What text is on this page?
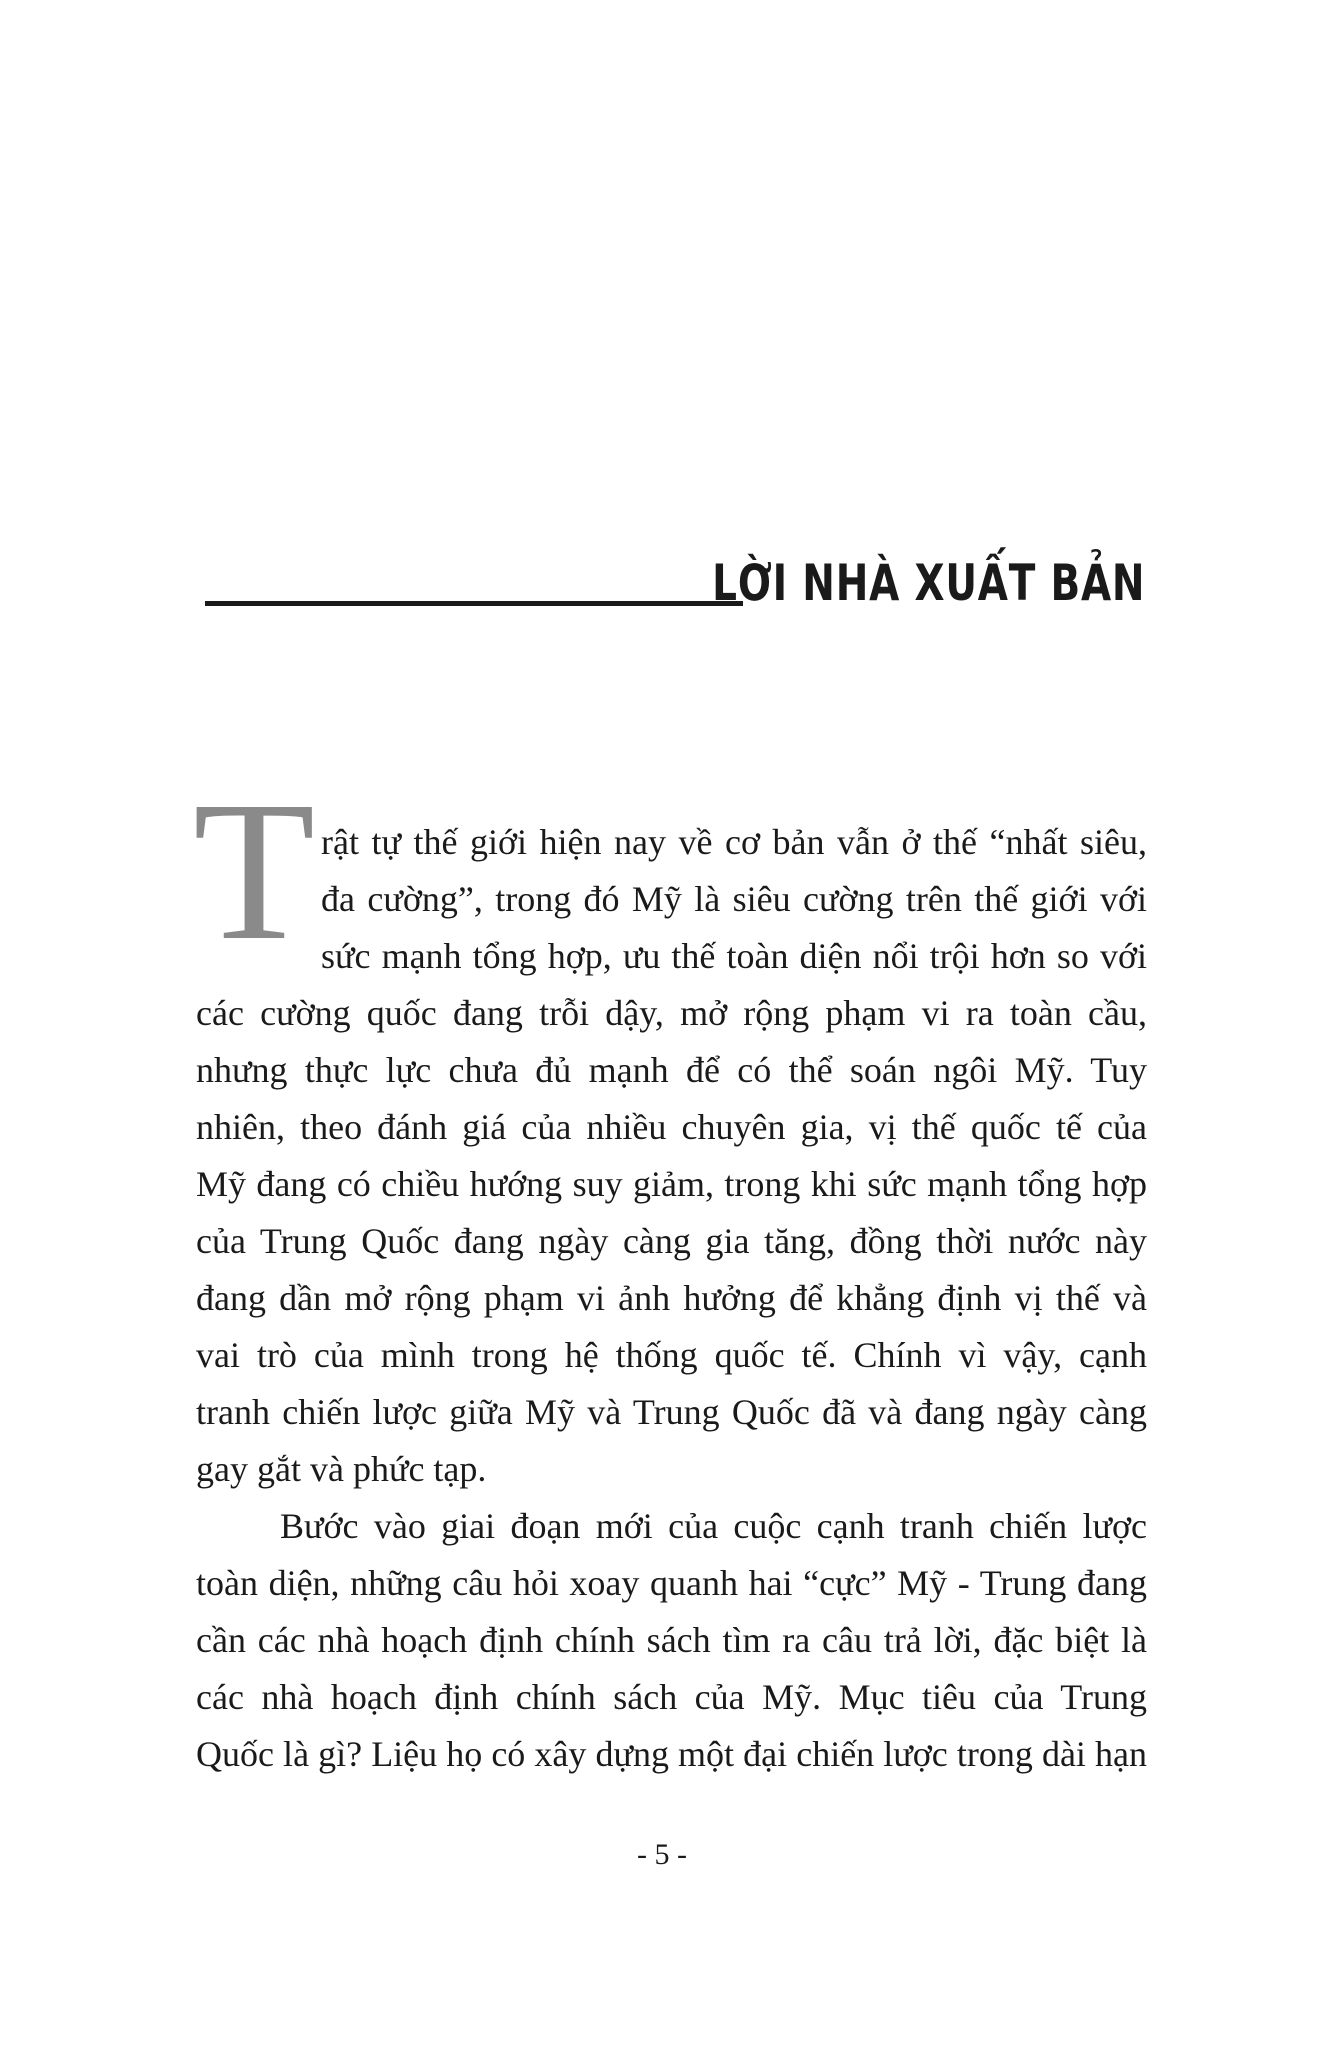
LỜI NHÀ XUẤT BẢN
T rật tự thế giới hiện nay về cơ bản vẫn ở thế “nhất siêu,
đa cường”, trong đó Mỹ là siêu cường trên thế giới với
sức mạnh tổng hợp, ưu thế toàn diện nổi trội hơn so với
các cường quốc đang trỗi dậy, mở rộng phạm vi ra toàn cầu,
nhưng thực lực chưa đủ mạnh để có thể soán ngôi Mỹ. Tuy
nhiên, theo đánh giá của nhiều chuyên gia, vị thế quốc tế của
Mỹ đang có chiều hướng suy giảm, trong khi sức mạnh tổng hợp
của Trung Quốc đang ngày càng gia tăng, đồng thời nước này
đang dần mở rộng phạm vi ảnh hưởng để khẳng định vị thế và
vai trò của mình trong hệ thống quốc tế. Chính vì vậy, cạnh
tranh chiến lược giữa Mỹ và Trung Quốc đã và đang ngày càng
gay gắt và phức tạp.
Bước vào giai đoạn mới của cuộc cạnh tranh chiến lược
toàn diện, những câu hỏi xoay quanh hai “cực” Mỹ - Trung đang
cần các nhà hoạch định chính sách tìm ra câu trả lời, đặc biệt là
các nhà hoạch định chính sách của Mỹ. Mục tiêu của Trung
Quốc là gì? Liệu họ có xây dựng một đại chiến lược trong dài hạn
- 5 -
